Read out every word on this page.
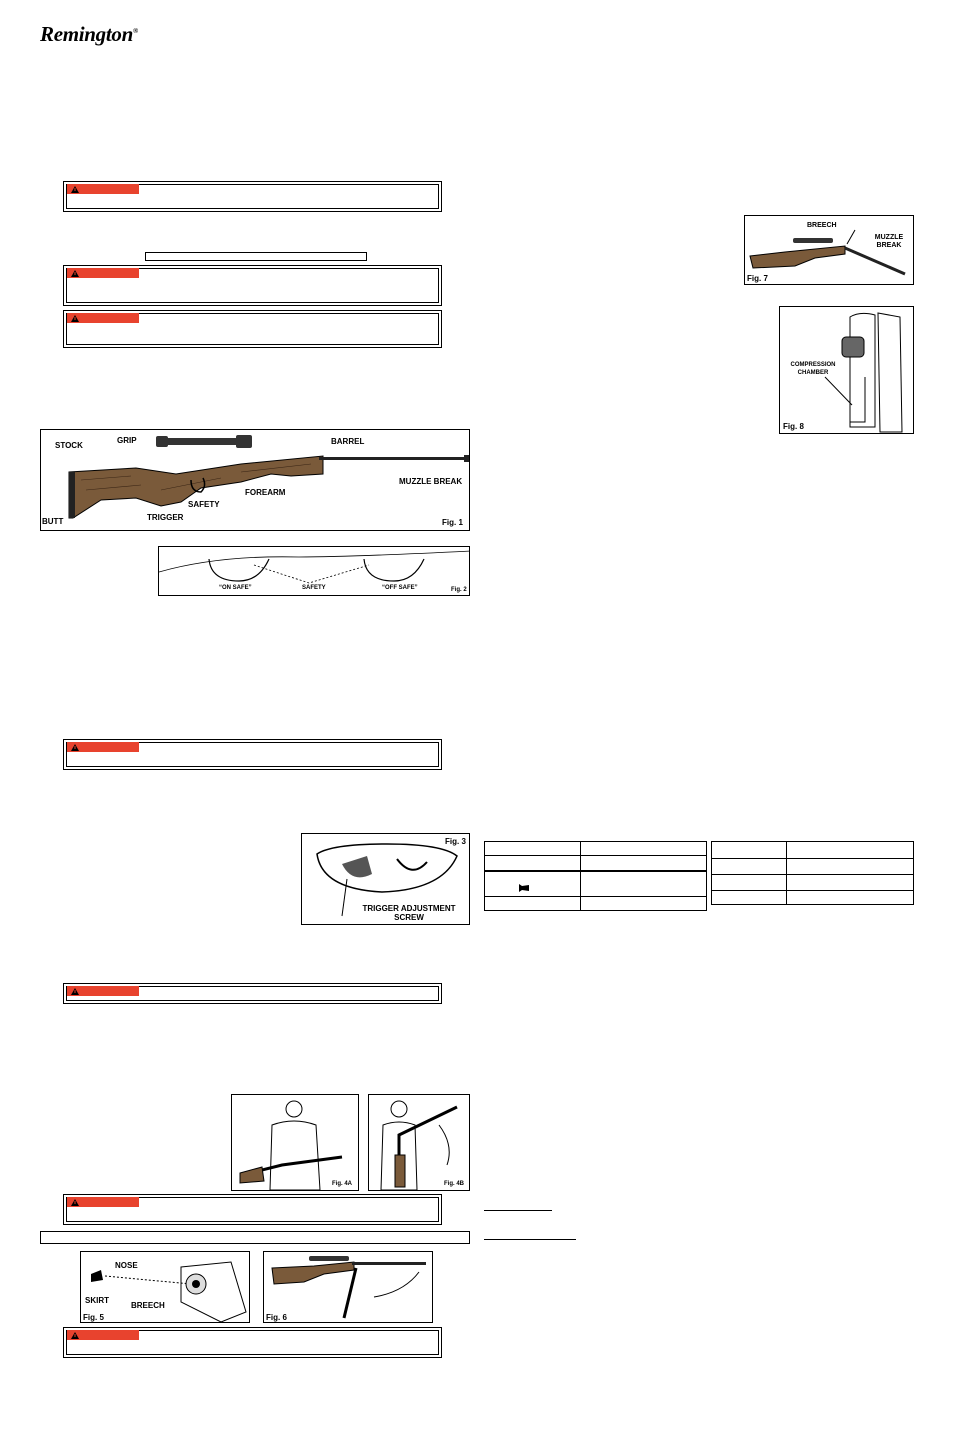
Remington®
STOCK
GRIP	BARREL
MUZZLE BREAK
FOREARM
SAFETY
TRIGGER
BUTT	Fig. 1
“ON SAFE”	SAFETY	“OFF SAFE”	Fig. 2
Fig. 3
TRIGGER ADJUSTMENT
SCREW
Fig. 4A	Fig. 4B
NOSE
SKIRT
BREECH
Fig. 5	Fig. 6
BREECH
MUZZLE
BREAK
Fig. 7
COMPRESSION
CHAMBER
Fig. 8
